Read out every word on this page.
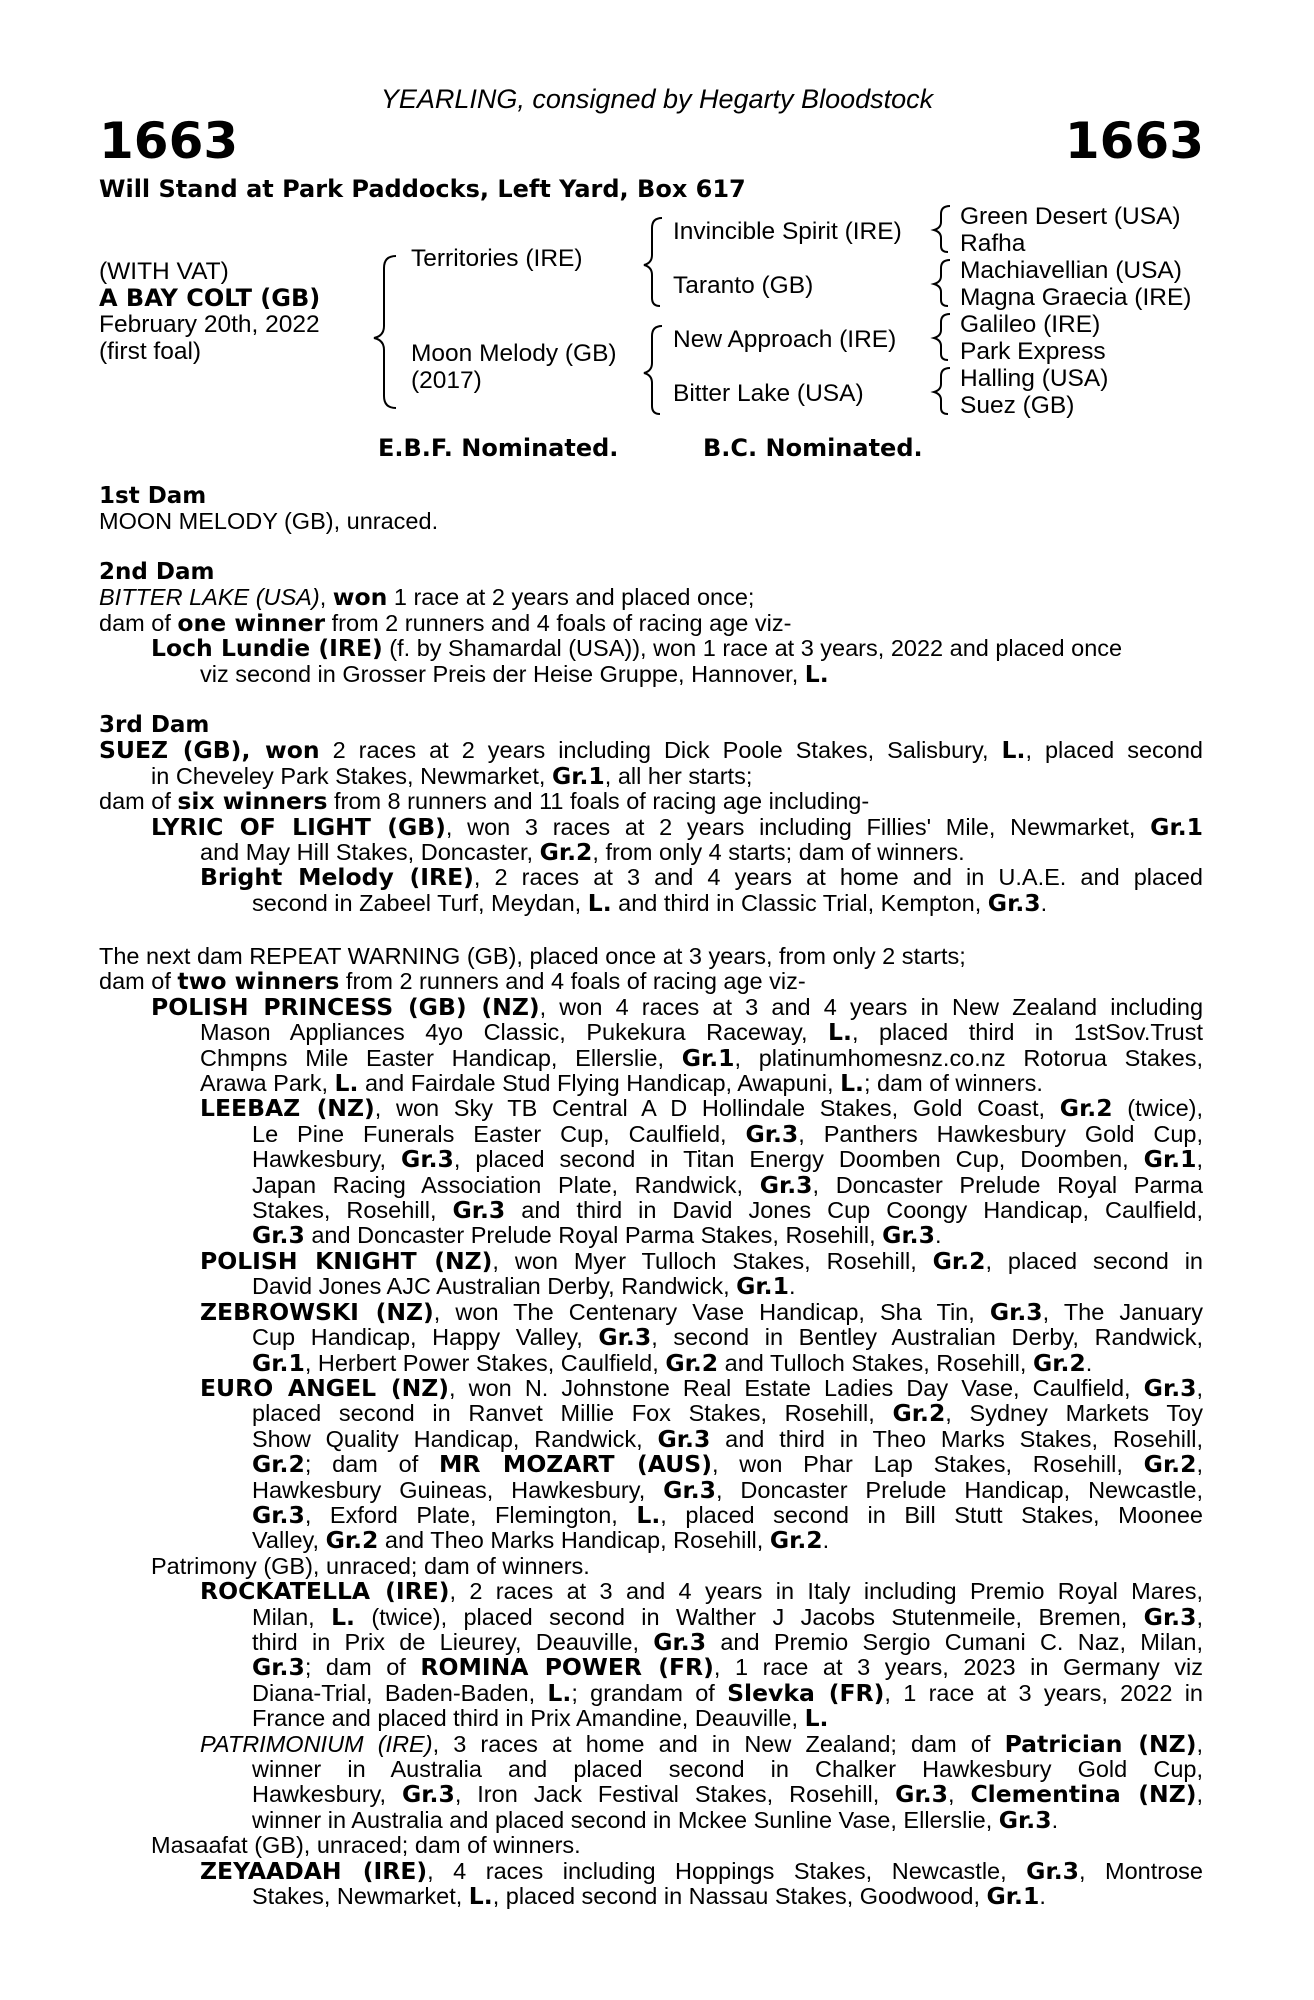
YEARLING, consigned by Hegarty Bloodstock
1663	1663
Will Stand at Park Paddocks, Left Yard, Box 617
(WITH VAT)
A BAY COLT (GB)
February 20th, 2022
(first foal)
Territories (IRE)
Moon Melody (GB)
(2017)
Invincible Spirit (IRE)
Taranto (GB)
New Approach (IRE)
Bitter Lake (USA)
Green Desert (USA)
Rafha
Machiavellian (USA)
Magna Graecia (IRE)
Galileo (IRE)
Park Express
Halling (USA)
Suez (GB)
E.B.F. Nominated.	B.C. Nominated.

1st Dam

MOON MELODY (GB), unraced.

2nd Dam

BITTER LAKE (USA), won 1 race at 2 years and placed once;

dam of one winner from 2 runners and 4 foals of racing age viz-

Loch Lundie (IRE) (f. by Shamardal (USA)), won 1 race at 3 years, 2022 and placed once

viz second in Grosser Preis der Heise Gruppe, Hannover, L.

3rd Dam

SUEZ (GB), won 2 races at 2 years including Dick Poole Stakes, Salisbury, L., placed second

in Cheveley Park Stakes, Newmarket, Gr.1, all her starts;

dam of six winners from 8 runners and 11 foals of racing age including-

LYRIC OF LIGHT (GB), won 3 races at 2 years including Fillies' Mile, Newmarket, Gr.1

and May Hill Stakes, Doncaster, Gr.2, from only 4 starts; dam of winners.

Bright Melody (IRE), 2 races at 3 and 4 years at home and in U.A.E. and placed

second in Zabeel Turf, Meydan, L. and third in Classic Trial, Kempton, Gr.3.

The next dam REPEAT WARNING (GB), placed once at 3 years, from only 2 starts;

dam of two winners from 2 runners and 4 foals of racing age viz-

POLISH PRINCESS (GB) (NZ), won 4 races at 3 and 4 years in New Zealand including

Mason Appliances 4yo Classic, Pukekura Raceway, L., placed third in 1stSov.Trust

Chmpns Mile Easter Handicap, Ellerslie, Gr.1, platinumhomesnz.co.nz Rotorua Stakes,

Arawa Park, L. and Fairdale Stud Flying Handicap, Awapuni, L.; dam of winners.

LEEBAZ (NZ), won Sky TB Central A D Hollindale Stakes, Gold Coast, Gr.2 (twice),

Le Pine Funerals Easter Cup, Caulfield, Gr.3, Panthers Hawkesbury Gold Cup,

Hawkesbury, Gr.3, placed second in Titan Energy Doomben Cup, Doomben, Gr.1,

Japan Racing Association Plate, Randwick, Gr.3, Doncaster Prelude Royal Parma

Stakes, Rosehill, Gr.3 and third in David Jones Cup Coongy Handicap, Caulfield,

Gr.3 and Doncaster Prelude Royal Parma Stakes, Rosehill, Gr.3.

POLISH KNIGHT (NZ), won Myer Tulloch Stakes, Rosehill, Gr.2, placed second in

David Jones AJC Australian Derby, Randwick, Gr.1.

ZEBROWSKI (NZ), won The Centenary Vase Handicap, Sha Tin, Gr.3, The January

Cup Handicap, Happy Valley, Gr.3, second in Bentley Australian Derby, Randwick,

Gr.1, Herbert Power Stakes, Caulfield, Gr.2 and Tulloch Stakes, Rosehill, Gr.2.

EURO ANGEL (NZ), won N. Johnstone Real Estate Ladies Day Vase, Caulfield, Gr.3,

placed second in Ranvet Millie Fox Stakes, Rosehill, Gr.2, Sydney Markets Toy

Show Quality Handicap, Randwick, Gr.3 and third in Theo Marks Stakes, Rosehill,

Gr.2; dam of MR MOZART (AUS), won Phar Lap Stakes, Rosehill, Gr.2,

Hawkesbury Guineas, Hawkesbury, Gr.3, Doncaster Prelude Handicap, Newcastle,

Gr.3, Exford Plate, Flemington, L., placed second in Bill Stutt Stakes, Moonee

Valley, Gr.2 and Theo Marks Handicap, Rosehill, Gr.2.

Patrimony (GB), unraced; dam of winners.

ROCKATELLA (IRE), 2 races at 3 and 4 years in Italy including Premio Royal Mares,

Milan, L. (twice), placed second in Walther J Jacobs Stutenmeile, Bremen, Gr.3,

third in Prix de Lieurey, Deauville, Gr.3 and Premio Sergio Cumani C. Naz, Milan,

Gr.3; dam of ROMINA POWER (FR), 1 race at 3 years, 2023 in Germany viz

Diana-Trial, Baden-Baden, L.; grandam of Slevka (FR), 1 race at 3 years, 2022 in

France and placed third in Prix Amandine, Deauville, L.

PATRIMONIUM (IRE), 3 races at home and in New Zealand; dam of Patrician (NZ),

winner in Australia and placed second in Chalker Hawkesbury Gold Cup,

Hawkesbury, Gr.3, Iron Jack Festival Stakes, Rosehill, Gr.3, Clementina (NZ),

winner in Australia and placed second in Mckee Sunline Vase, Ellerslie, Gr.3.

Masaafat (GB), unraced; dam of winners.

ZEYAADAH (IRE), 4 races including Hoppings Stakes, Newcastle, Gr.3, Montrose

Stakes, Newmarket, L., placed second in Nassau Stakes, Goodwood, Gr.1.
